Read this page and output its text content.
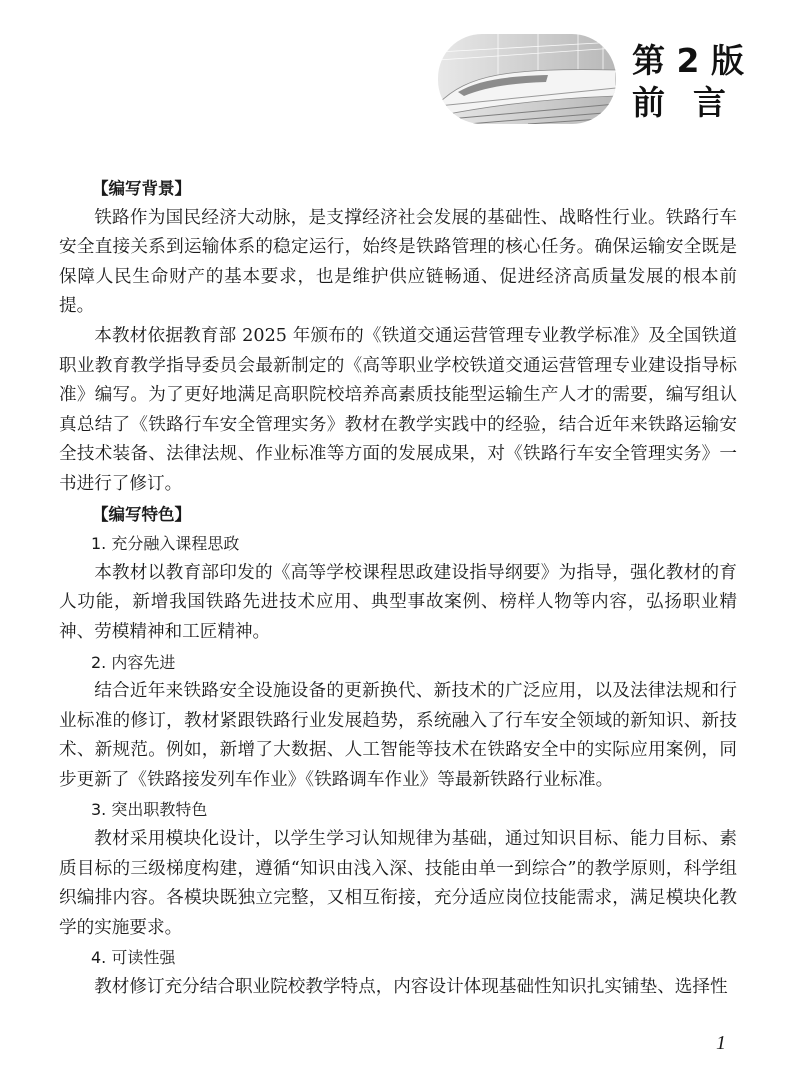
第 2 版
前言

【编写背景】

铁路作为国民经济大动脉，是支撑经济社会发展的基础性、战略性行业。铁路行车安全直接关系到运输体系的稳定运行，始终是铁路管理的核心任务。确保运输安全既是保障人民生命财产的基本要求，也是维护供应链畅通、促进经济高质量发展的根本前提。

本教材依据教育部 2025 年颁布的《铁道交通运营管理专业教学标准》及全国铁道职业教育教学指导委员会最新制定的《高等职业学校铁道交通运营管理专业建设指导标准》编写。为了更好地满足高职院校培养高素质技能型运输生产人才的需要，编写组认真总结了《铁路行车安全管理实务》教材在教学实践中的经验，结合近年来铁路运输安全技术装备、法律法规、作业标准等方面的发展成果，对《铁路行车安全管理实务》一书进行了修订。

【编写特色】

1. 充分融入课程思政

本教材以教育部印发的《高等学校课程思政建设指导纲要》为指导，强化教材的育人功能，新增我国铁路先进技术应用、典型事故案例、榜样人物等内容，弘扬职业精神、劳模精神和工匠精神。

2. 内容先进

结合近年来铁路安全设施设备的更新换代、新技术的广泛应用，以及法律法规和行业标准的修订，教材紧跟铁路行业发展趋势，系统融入了行车安全领域的新知识、新技术、新规范。例如，新增了大数据、人工智能等技术在铁路安全中的实际应用案例，同步更新了《铁路接发列车作业》《铁路调车作业》等最新铁路行业标准。

3. 突出职教特色

教材采用模块化设计，以学生学习认知规律为基础，通过知识目标、能力目标、素质目标的三级梯度构建，遵循“知识由浅入深、技能由单一到综合”的教学原则，科学组织编排内容。各模块既独立完整，又相互衔接，充分适应岗位技能需求，满足模块化教学的实施要求。

4. 可读性强

教材修订充分结合职业院校教学特点，内容设计体现基础性知识扎实铺垫、选择性

1
